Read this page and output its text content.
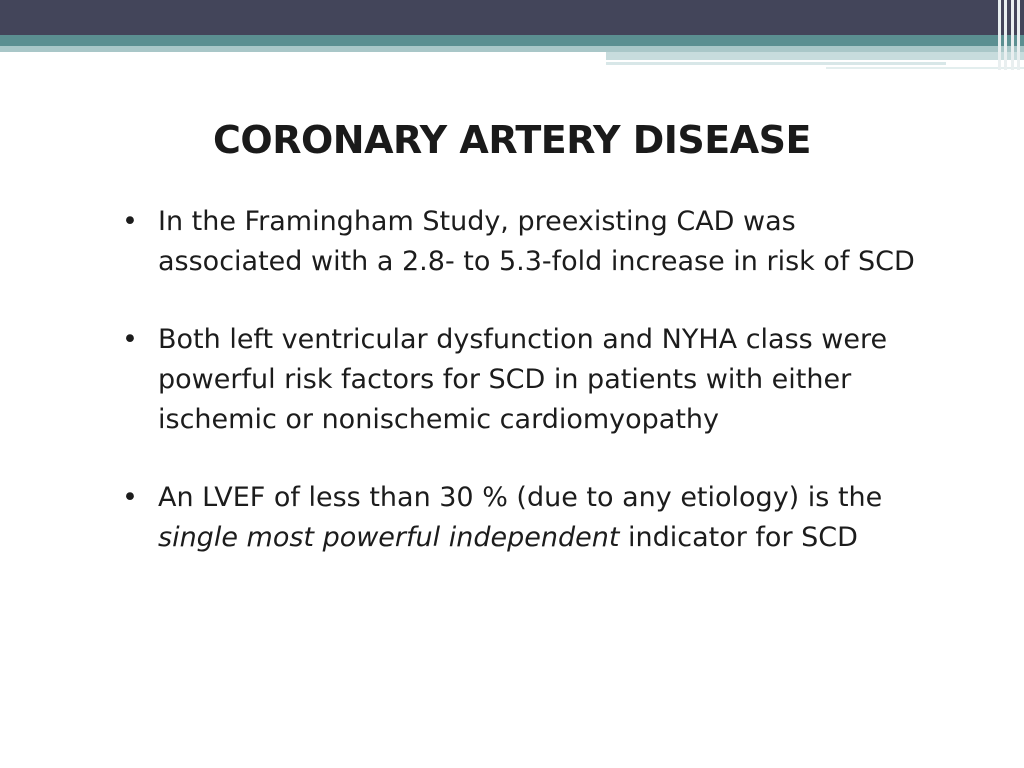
CORONARY ARTERY DISEASE
• In the Framingham Study, preexisting CAD was associated with a 2.8- to 5.3-fold increase in risk of SCD
• Both left ventricular dysfunction and NYHA class were powerful risk factors for SCD in patients with either ischemic or nonischemic cardiomyopathy
• An LVEF of less than 30 % (due to any etiology) is the single most powerful independent indicator for SCD
